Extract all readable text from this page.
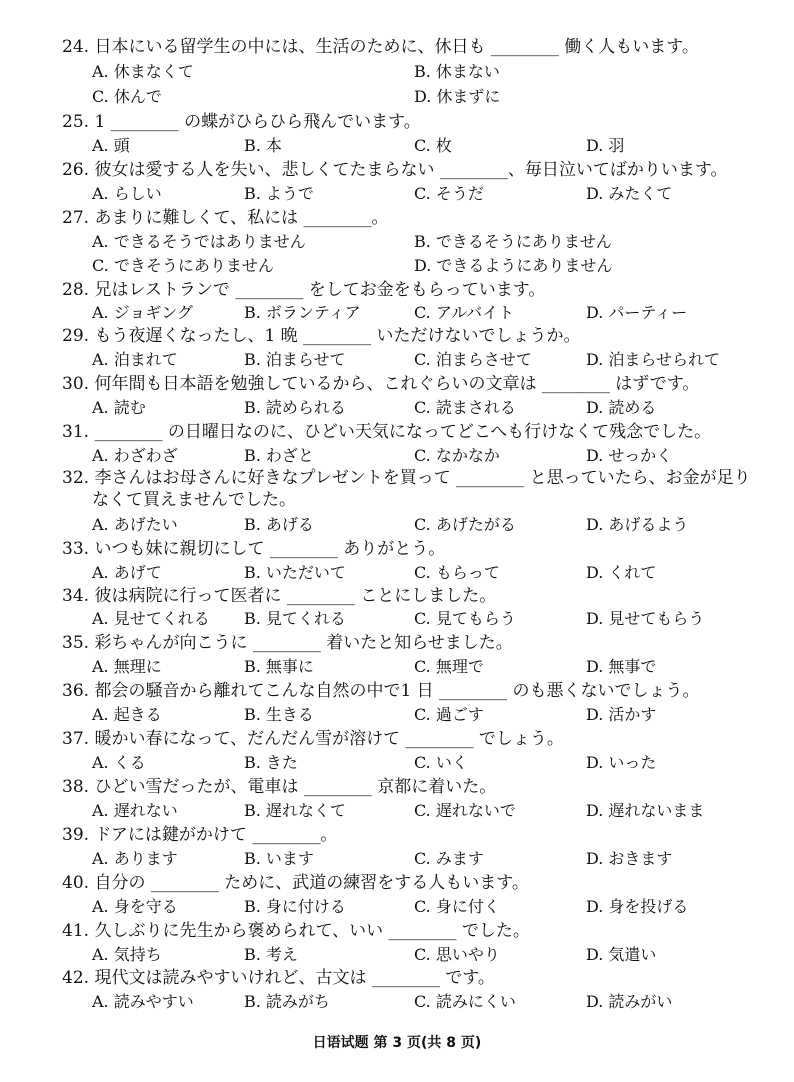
24. 日本にいる留学生の中には、生活のために、休日も ________ 働く人もいます。
A. 休まなくて	B. 休まない
C. 休んで	D. 休まずに
25. 1 ________ の蝶がひらひら飛んでいます。
A. 頭	B. 本	C. 枚	D. 羽
26. 彼女は愛する人を失い、悲しくてたまらない ________、毎日泣いてばかりいます。
A. らしい	B. ようで	C. そうだ	D. みたくて
27. あまりに難しくて、私には ________。
A. できるそうではありません	B. できるそうにありません
C. できそうにありません	D. できるようにありません
28. 兄はレストランで ________ をしてお金をもらっています。
A. ジョギング	B. ボランティア	C. アルバイト	D. パーティー
29. もう夜遅くなったし、1 晩 ________ いただけないでしょうか。
A. 泊まれて	B. 泊まらせて	C. 泊まらさせて	D. 泊まらせられて
30. 何年間も日本語を勉強しているから、これぐらいの文章は ________ はずです。
A. 読む	B. 読められる	C. 読まされる	D. 読める
31. ________ の日曜日なのに、ひどい天気になってどこへも行けなくて残念でした。
A. わざわざ	B. わざと	C. なかなか	D. せっかく
32. 李さんはお母さんに好きなプレゼントを買って ________ と思っていたら、お金が足りなくて買えませんでした。
A. あげたい	B. あげる	C. あげたがる	D. あげるよう
33. いつも妹に親切にして ________ ありがとう。
A. あげて	B. いただいて	C. もらって	D. くれて
34. 彼は病院に行って医者に ________ ことにしました。
A. 見せてくれる B. 見てくれる	C. 見てもらう	D. 見せてもらう
35. 彩ちゃんが向こうに ________ 着いたと知らせました。
A. 無理に	B. 無事に	C. 無理で	D. 無事で
36. 都会の騒音から離れてこんな自然の中で1 日 ________ のも悪くないでしょう。
A. 起きる	B. 生きる	C. 過ごす	D. 活かす
37. 暖かい春になって、だんだん雪が溶けて ________ でしょう。
A. くる	B. きた	C. いく	D. いった
38. ひどい雪だったが、電車は ________ 京都に着いた。
A. 遅れない	B. 遅れなくて	C. 遅れないで	D. 遅れないまま
39. ドアには鍵がかけて ________。
A. あります	B. います	C. みます	D. おきます
40. 自分の ________ ために、武道の練習をする人もいます。
A. 身を守る	B. 身に付ける	C. 身に付く	D. 身を投げる
41. 久しぶりに先生から褒められて、いい ________ でした。
A. 気持ち	B. 考え	C. 思いやり	D. 気遣い
42. 現代文は読みやすいけれど、古文は ________ です。
A. 読みやすい	B. 読みがち	C. 読みにくい	D. 読みがい
日语试题 第 3 页(共 8 页)
